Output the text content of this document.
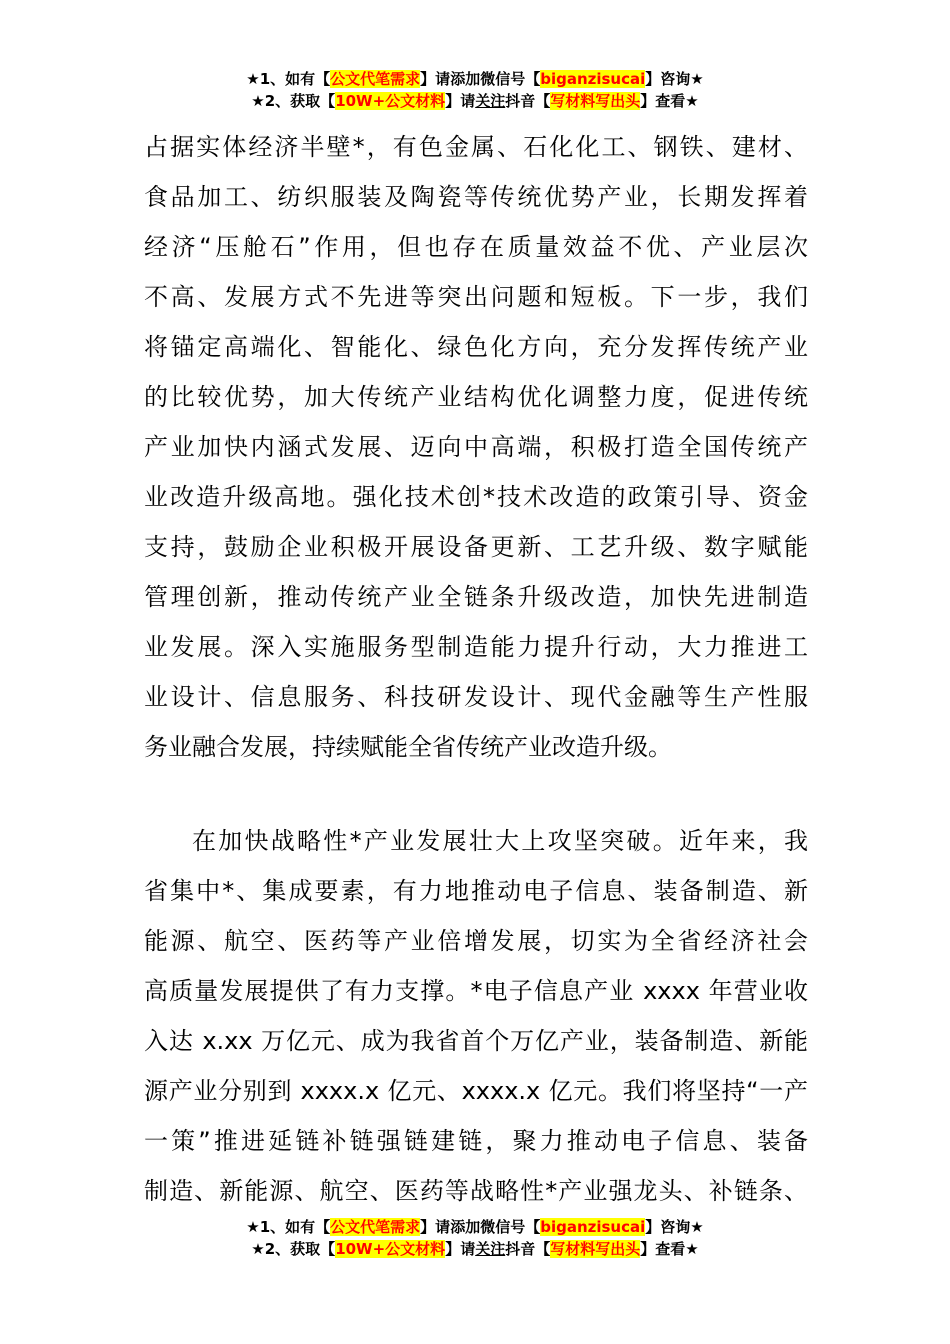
★1、如有【公文代笔需求】请添加微信号【biganzisucai】咨询★
★2、获取【10W+公文材料】请关注抖音【写材料写出头】查看★
占据实体经济半壁*，有色金属、石化化工、钢铁、建材、
食品加工、纺织服装及陶瓷等传统优势产业，长期发挥着
经济“压舱石”作用，但也存在质量效益不优、产业层次
不高、发展方式不先进等突出问题和短板。下一步，我们
将锚定高端化、智能化、绿色化方向，充分发挥传统产业
的比较优势，加大传统产业结构优化调整力度，促进传统
产业加快内涵式发展、迈向中高端，积极打造全国传统产
业改造升级高地。强化技术创*技术改造的政策引导、资金
支持，鼓励企业积极开展设备更新、工艺升级、数字赋能
管理创新，推动传统产业全链条升级改造，加快先进制造
业发展。深入实施服务型制造能力提升行动，大力推进工
业设计、信息服务、科技研发设计、现代金融等生产性服
务业融合发展，持续赋能全省传统产业改造升级。
在加快战略性*产业发展壮大上攻坚突破。近年来，我
省集中*、集成要素，有力地推动电子信息、装备制造、新
能源、航空、医药等产业倍增发展，切实为全省经济社会
高质量发展提供了有力支撑。*电子信息产业 xxxx 年营业收
入达 x.xx 万亿元、成为我省首个万亿产业，装备制造、新能
源产业分别到 xxxx.x 亿元、xxxx.x 亿元。我们将坚持“一产
一策”推进延链补链强链建链，聚力推动电子信息、装备
制造、新能源、航空、医药等战略性*产业强龙头、补链条、
★1、如有【公文代笔需求】请添加微信号【biganzisucai】咨询★
★2、获取【10W+公文材料】请关注抖音【写材料写出头】查看★
